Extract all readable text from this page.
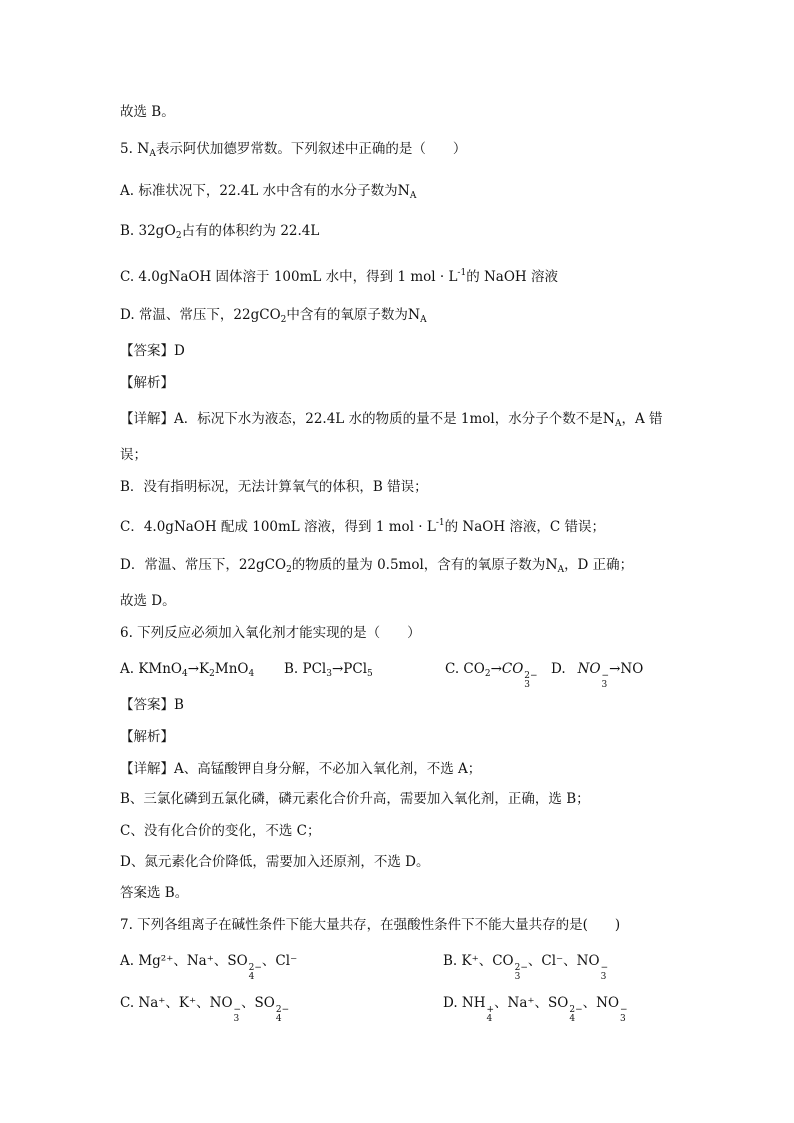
故选 B。
5. $N_A$表示阿伏加德罗常数。下列叙述中正确的是（　　）
A. 标准状况下，22.4L 水中含有的水分子数为$N_A$
B. $32gO_2$占有的体积约为 22.4L
C. 4.0gNaOH 固体溶于 100mL 水中，得到 1 mol · $L^{-1}$的 NaOH 溶液
D. 常温、常压下，22gCO$_2$中含有的氧原子数为$N_A$
【答案】D
【解析】
【详解】A．标况下水为液态，22.4L 水的物质的量不是 1mol，水分子个数不是$N_A$，A 错
误；
B．没有指明标况，无法计算氧气的体积，B 错误；
C．4.0gNaOH 配成 100mL 溶液，得到 1 mol · $L^{-1}$的 NaOH 溶液，C 错误；
D．常温、常压下，22gCO$_2$的物质的量为 0.5mol，含有的氧原子数为$N_A$，D 正确；
故选 D。
6. 下列反应必须加入氧化剂才能实现的是（　　）
A. $KMnO_4\to K_2MnO_4$ B. PCl$_3$→PCl$_5$	C. $CO_2\to CO$ 2−
3
D. NO −
3
→NO
【答案】B
【解析】
【详解】A、高锰酸钾自身分解，不必加入氧化剂，不选 A；
B、三氯化磷到五氯化磷，磷元素化合价升高，需要加入氧化剂，正确，选 B；
C、没有化合价的变化，不选 C；
D、氮元素化合价降低，需要加入还原剂，不选 D。
答案选 B。
7. 下列各组离子在碱性条件下能大量共存，在强酸性条件下不能大量共存的是(　　)
A. Mg²⁺、Na⁺、SO 2−
4
、Cl⁻	B. K⁺、CO 2−
3
、Cl⁻、NO −
3
C. Na⁺、K⁺、NO −
3
、SO 2−
4
D. NH +
4
、Na⁺、SO 2−
4
、NO −
3
